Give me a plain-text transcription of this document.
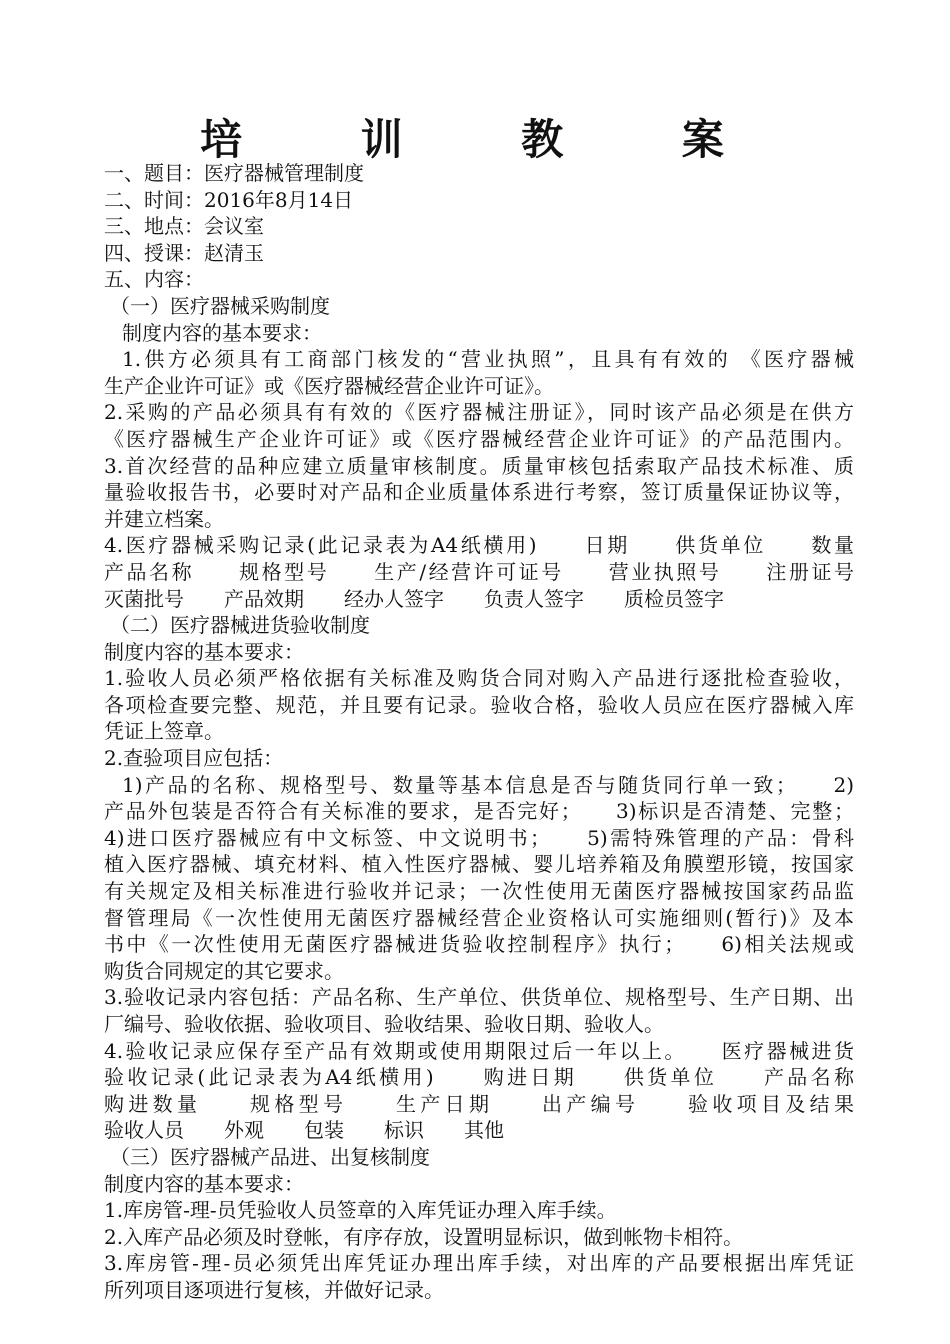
培 训 教 案
一、题目：医疗器械管理制度
二、时间：2016年8月14日
三、地点：会议室
四、授课：赵清玉
五、内容：
（一）医疗器械采购制度
制度内容的基本要求：
1.供方必须具有工商部门核发的“营业执照”，且具有有效的 《医疗器械
生产企业许可证》或《医疗器械经营企业许可证》。
2.采购的产品必须具有有效的《医疗器械注册证》，同时该产品必须是在供方
《医疗器械生产企业许可证》或《医疗器械经营企业许可证》的产品范围内。
3.首次经营的品种应建立质量审核制度。质量审核包括索取产品技术标准、质
量验收报告书，必要时对产品和企业质量体系进行考察，签订质量保证协议等，
并建立档案。
4.医疗器械采购记录(此记录表为A4纸横用)　　日期　　供货单位　　数量
产品名称　　规格型号　　生产/经营许可证号　　营业执照号　　注册证号
灭菌批号　　产品效期　　经办人签字　　负责人签字　　质检员签字
（二）医疗器械进货验收制度
制度内容的基本要求：
1.验收人员必须严格依据有关标准及购货合同对购入产品进行逐批检查验收，
各项检查要完整、规范，并且要有记录。验收合格，验收人员应在医疗器械入库
凭证上签章。
2.查验项目应包括：
1)产品的名称、规格型号、数量等基本信息是否与随货同行单一致；　　2)
产品外包装是否符合有关标准的要求，是否完好；　　3)标识是否清楚、完整；
4)进口医疗器械应有中文标签、中文说明书；　　5)需特殊管理的产品：骨科
植入医疗器械、填充材料、植入性医疗器械、婴儿培养箱及角膜塑形镜，按国家
有关规定及相关标准进行验收并记录；一次性使用无菌医疗器械按国家药品监
督管理局《一次性使用无菌医疗器械经营企业资格认可实施细则(暂行)》及本
书中《一次性使用无菌医疗器械进货验收控制程序》执行；　　6)相关法规或
购货合同规定的其它要求。
3.验收记录内容包括：产品名称、生产单位、供货单位、规格型号、生产日期、出
厂编号、验收依据、验收项目、验收结果、验收日期、验收人。
4.验收记录应保存至产品有效期或使用期限过后一年以上。　　医疗器械进货
验收记录(此记录表为A4纸横用)　　购进日期　　供货单位　　产品名称
购进数量　　规格型号　　生产日期　　出产编号　　验收项目及结果
验收人员　　外观　　包装　　标识　　其他
（三）医疗器械产品进、出复核制度
制度内容的基本要求：
1.库房管-理-员凭验收人员签章的入库凭证办理入库手续。
2.入库产品必须及时登帐，有序存放，设置明显标识，做到帐物卡相符。
3.库房管-理-员必须凭出库凭证办理出库手续，对出库的产品要根据出库凭证
所列项目逐项进行复核，并做好记录。
